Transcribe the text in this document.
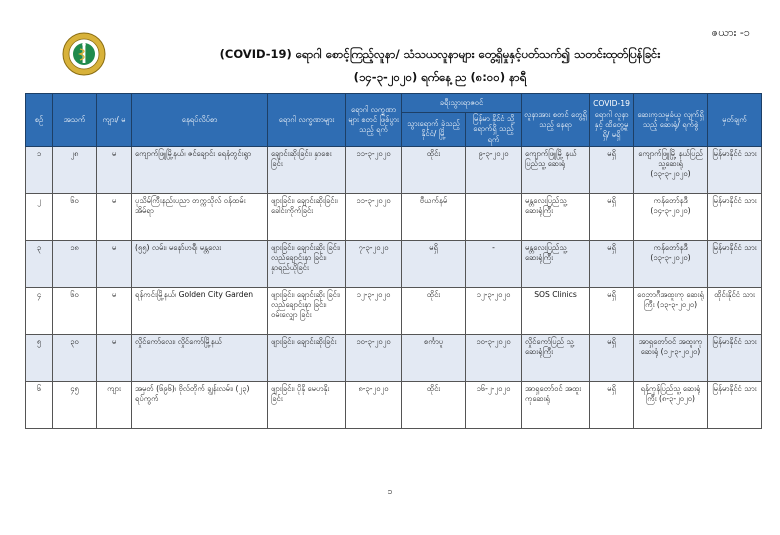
ဇယား -၁
(COVID-19) ရောဂါ စောင့်ကြည့်လူနာ/ သံသယလူနာများ တွေ့ရှိမှုနှင့်ပတ်သက်၍ သတင်းထုတ်ပြန်ခြင်း
(၁၄-၃-၂၀၂၀) ရက်နေ့ ည (၈:၀၀) နာရီ
စဉ်	အသက်	ကျား/ မ	နေရပ်လိပ်စာ	ရောဂါ လက္ခဏာများ	ရောဂါ လက္ခဏာများ စတင် ဖြစ်ပွားသည့် ရက်	ခရီးသွားရာဇဝင်		လူနာအား စတင် တွေ့ရှိသည့် နေရာ	COVID-19 ရောဂါ လူနာနှင့် ထိတွေ့မှု ရှိ/ မရှိ	ဆေးကုသမှုခံယူ လျက်ရှိသည့် ဆေးရုံ/ ရက်စွဲ	မှတ်ချက်
						သွားရောက် ခဲ့သည့် နိုင်ငံ/ မြို့	မြန်မာ နိုင်ငံ သို့ ရောက်ရှိ သည့်ရက်				
၁	၂၈	မ	ကျောက်ဖြူမြို့နယ်၊ ဇင်ချောင်း ရေနံတွင်းရွာ	ချောင်းဆိုးခြင်း၊ နှာစေးခြင်း	၁၁-၃-၂၀၂၀	ထိုင်း	၉-၃-၂၀၂၀	ကျောက်ဖြူမြို့ နယ်ပြည်သူ့ ဆေးရုံ	မရှိ	ကျောက်ဖြူမြို့ နယ်ပြည်သူ့ဆေးရုံ (၁၃-၃-၂၀၂၀)	မြန်မာနိုင်ငံ သား
၂	၆၀	မ	ပုသိမ်ကြီးနည်းပညာ တက္ကသိုလ် ဝန်ထမ်း အိမ်ရာ	ဖျားခြင်း၊ ချောင်းဆိုးခြင်း၊ ခေါင်းကိုက်ခြင်း	၁၁-၃-၂၀၂၀	ဗီယက်နမ်		မန္တလေးပြည်သူ့ ဆေးရုံကြီး	မရှိ	ကန်တော်နဒီ (၁၄-၃-၂၀၂၀)	မြန်မာနိုင်ငံ သား
၃	၁၈	မ	(၅၅) လမ်း၊ မနော်ဟရီ၊ မန္တလေး	ဖျားခြင်း၊ ချောင်းဆိုး ခြင်း၊ လည်ချောင်းနာ ခြင်း၊ နှာရည်ယိုခြင်း	၇-၃-၂၀၂၀	မရှိ	-	မန္တလေးပြည်သူ့ ဆေးရုံကြီး	မရှိ	ကန်တော်နဒီ (၁၃-၃-၂၀၂၀)	မြန်မာနိုင်ငံ သား
၄	၆၀	မ	ရန်ကင်းမြို့နယ်၊ Golden City Garden	ဖျားခြင်း၊ ချောင်းဆိုး ခြင်း၊ လည်ချောင်းနာ ခြင်း၊ ဝမ်းလျှော ခြင်း	၁၂-၃-၂၀၂၀	ထိုင်း	၁၂-၃-၂၀၂၀	SOS Clinics	မရှိ	ဝေဘာဂီအထူးကု ဆေးရုံကြီး (၁၃-၃-၂၀၂၀)	ထိုင်းနိုင်ငံ သား
၅	၃၀	မ	လှိုင်ကော်လေး၊ လှိုင်ကော်မြို့နယ်	ဖျားခြင်း၊ ချောင်းဆိုးခြင်း	၁၀-၃-၂၀၂၀	စင်္ကာပူ	၁၀-၃-၂၀၂၀	လှိုင်ကော်ပြည် သူ့ ဆေးရုံကြီး	မရှိ	အာရှတော်ဝင် အထူးကုဆေးရုံ (၁၂-၃-၂၀၂၀)	မြန်မာနိုင်ငံ သား
၆	၄၅	ကျား	အမှတ် (၆၉၆)၊ ဗိုလ်တိုက် ချွန်းလမ်း၊ (၂၃) ရပ်ကွက်	ဖျားခြင်း၊ ပိုနို မေပာနိုး ခြင်း	၈-၃-၂၀၂၀	ထိုင်း	၁၆-၂-၂၀၂၀	အာရှတော်ဝင် အထူးကုဆေးရုံ	မရှိ	ရန်ကုန်ပြည်သူ့ ဆေးရုံကြီး (၈-၃-၂၀၂၀)	မြန်မာနိုင်ငံ သား
၁
